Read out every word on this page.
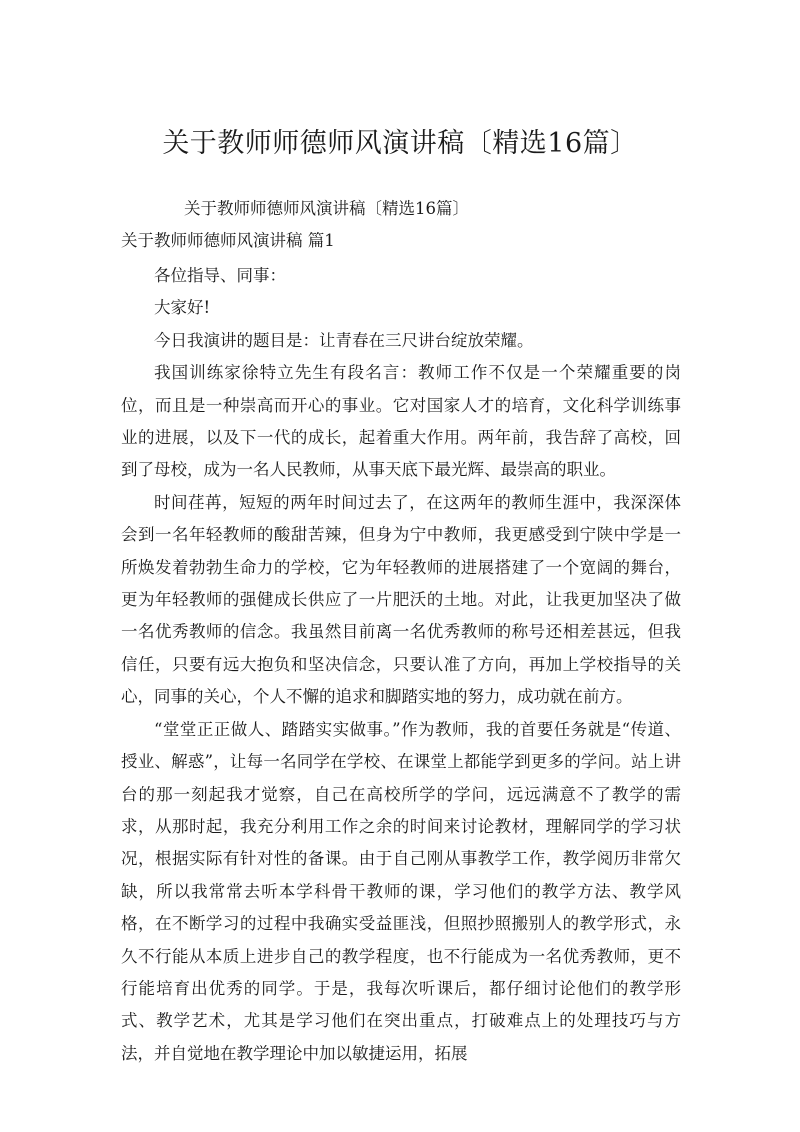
关于教师师德师风演讲稿〔精选16篇〕

关于教师师德师风演讲稿〔精选16篇〕

关于教师师德师风演讲稿 篇1

各位指导、同事：

大家好!

今日我演讲的题目是：让青春在三尺讲台绽放荣耀。

我国训练家徐特立先生有段名言：教师工作不仅是一个荣耀重要的岗位，而且是一种崇高而开心的事业。它对国家人才的培育，文化科学训练事业的进展，以及下一代的成长，起着重大作用。两年前，我告辞了高校，回到了母校，成为一名人民教师，从事天底下最光辉、最崇高的职业。

时间荏苒，短短的两年时间过去了，在这两年的教师生涯中，我深深体会到一名年轻教师的酸甜苦辣，但身为宁中教师，我更感受到宁陕中学是一所焕发着勃勃生命力的学校，它为年轻教师的进展搭建了一个宽阔的舞台，更为年轻教师的强健成长供应了一片肥沃的土地。对此，让我更加坚决了做一名优秀教师的信念。我虽然目前离一名优秀教师的称号还相差甚远，但我信任，只要有远大抱负和坚决信念，只要认准了方向，再加上学校指导的关心，同事的关心，个人不懈的追求和脚踏实地的努力，成功就在前方。

“堂堂正正做人、踏踏实实做事。”作为教师，我的首要任务就是“传道、授业、解惑”，让每一名同学在学校、在课堂上都能学到更多的学问。站上讲台的那一刻起我才觉察，自己在高校所学的学问，远远满意不了教学的需求，从那时起，我充分利用工作之余的时间来讨论教材，理解同学的学习状况，根据实际有针对性的备课。由于自己刚从事教学工作，教学阅历非常欠缺，所以我常常去听本学科骨干教师的课，学习他们的教学方法、教学风格，在不断学习的过程中我确实受益匪浅，但照抄照搬别人的教学形式，永久不行能从本质上进步自己的教学程度，也不行能成为一名优秀教师，更不行能培育出优秀的同学。于是，我每次听课后，都仔细讨论他们的教学形式、教学艺术，尤其是学习他们在突出重点，打破难点上的处理技巧与方法，并自觉地在教学理论中加以敏捷运用，拓展
